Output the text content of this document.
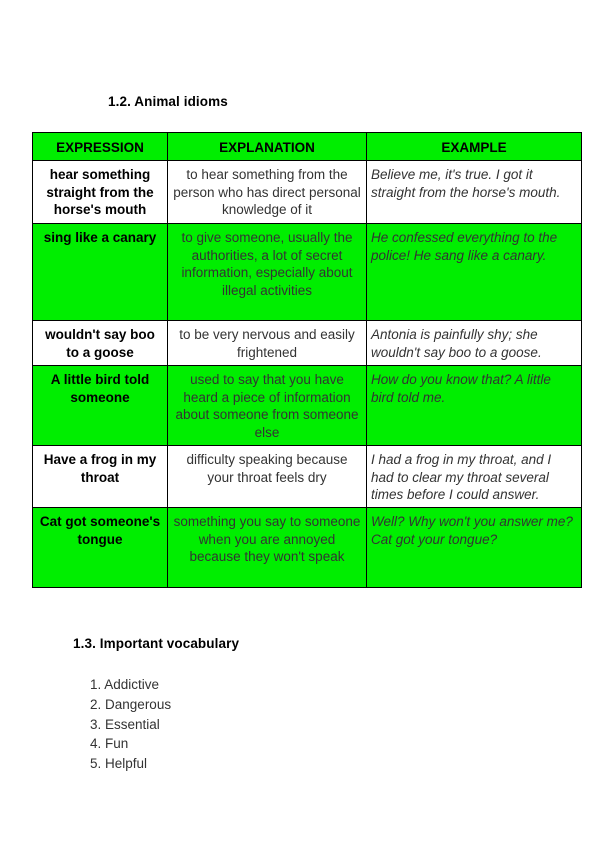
1.2. Animal idioms
EXPRESSION	EXPLANATION	EXAMPLE
hear something straight from the horse's mouth	to hear something from the person who has direct personal knowledge of it	Believe me, it's true. I got it straight from the horse's mouth.
sing like a canary	to give someone, usually the authorities, a lot of secret information, especially about illegal activities	He confessed everything to the police! He sang like a canary.
wouldn't say boo to a goose	to be very nervous and easily frightened	Antonia is painfully shy; she wouldn't say boo to a goose.
A little bird told someone	used to say that you have heard a piece of information about someone from someone else	How do you know that? A little bird told me.
Have a frog in my throat	difficulty speaking because your throat feels dry	I had a frog in my throat, and I had to clear my throat several times before I could answer.
Cat got someone's tongue	something you say to someone when you are annoyed because they won't speak	Well? Why won't you answer me? Cat got your tongue?
1.3. Important vocabulary
1. Addictive
2. Dangerous
3. Essential
4. Fun
5. Helpful
